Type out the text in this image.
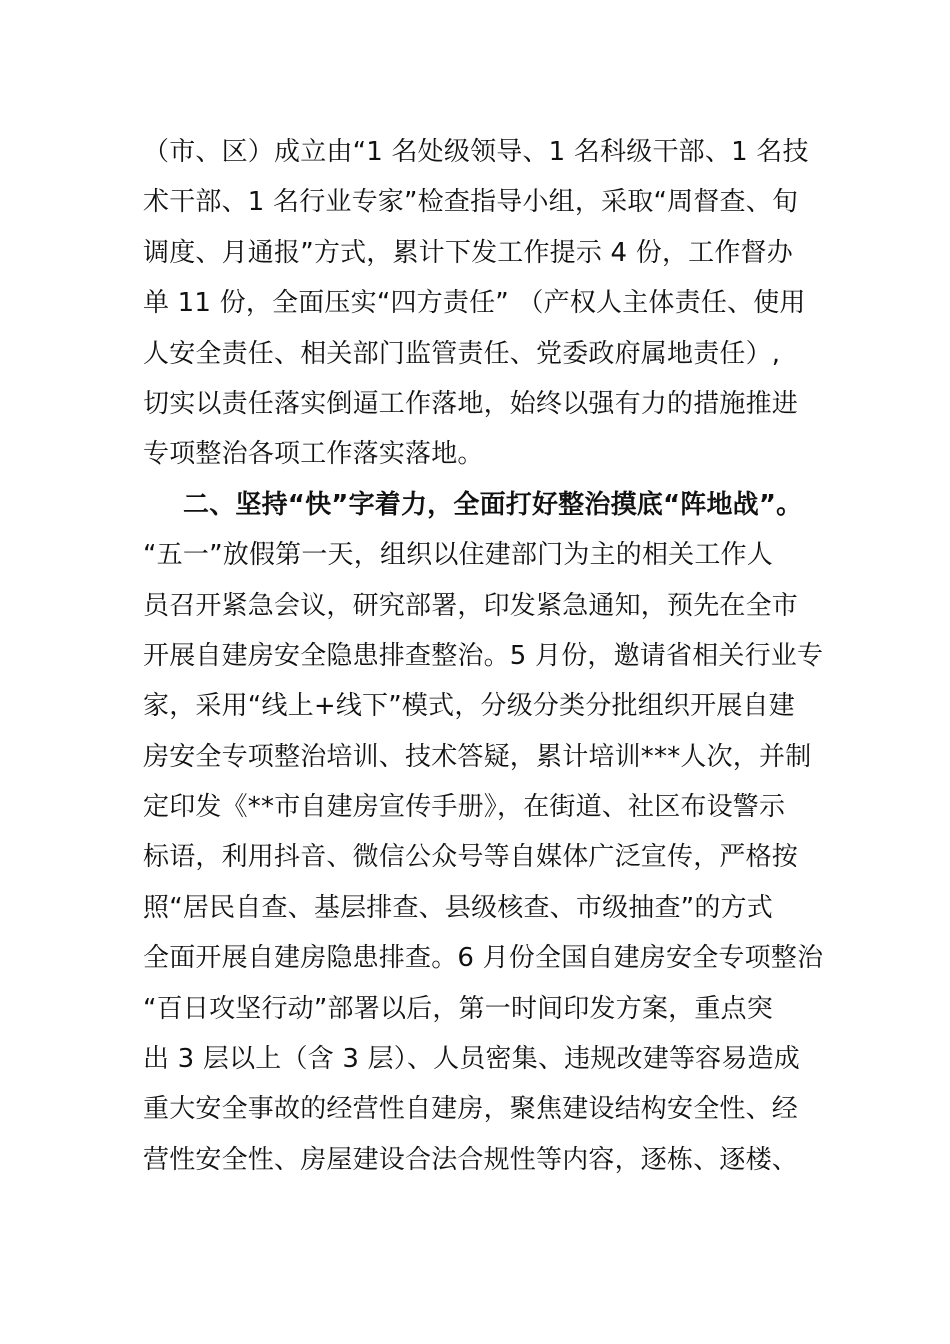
（市、区）成立由“1 名处级领导、1 名科级干部、1 名技
术干部、1 名行业专家”检查指导小组，采取“周督查、旬
调度、月通报”方式，累计下发工作提示 4 份，工作督办
单 11 份，全面压实“四方责任” （产权人主体责任、使用
人安全责任、相关部门监管责任、党委政府属地责任）,
切实以责任落实倒逼工作落地，始终以强有力的措施推进
专项整治各项工作落实落地。
二、坚持“快”字着力，全面打好整治摸底“阵地战”。
“五一”放假第一天，组织以住建部门为主的相关工作人
员召开紧急会议，研究部署，印发紧急通知，预先在全市
开展自建房安全隐患排查整治。5 月份，邀请省相关行业专
家，采用“线上+线下”模式，分级分类分批组织开展自建
房安全专项整治培训、技术答疑，累计培训***人次，并制
定印发《**市自建房宣传手册》，在街道、社区布设警示
标语，利用抖音、微信公众号等自媒体广泛宣传，严格按
照“居民自查、基层排查、县级核查、市级抽查”的方式
全面开展自建房隐患排查。6 月份全国自建房安全专项整治
“百日攻坚行动”部署以后，第一时间印发方案，重点突
出 3 层以上（含 3 层）、人员密集、违规改建等容易造成
重大安全事故的经营性自建房，聚焦建设结构安全性、经
营性安全性、房屋建设合法合规性等内容，逐栋、逐楼、
